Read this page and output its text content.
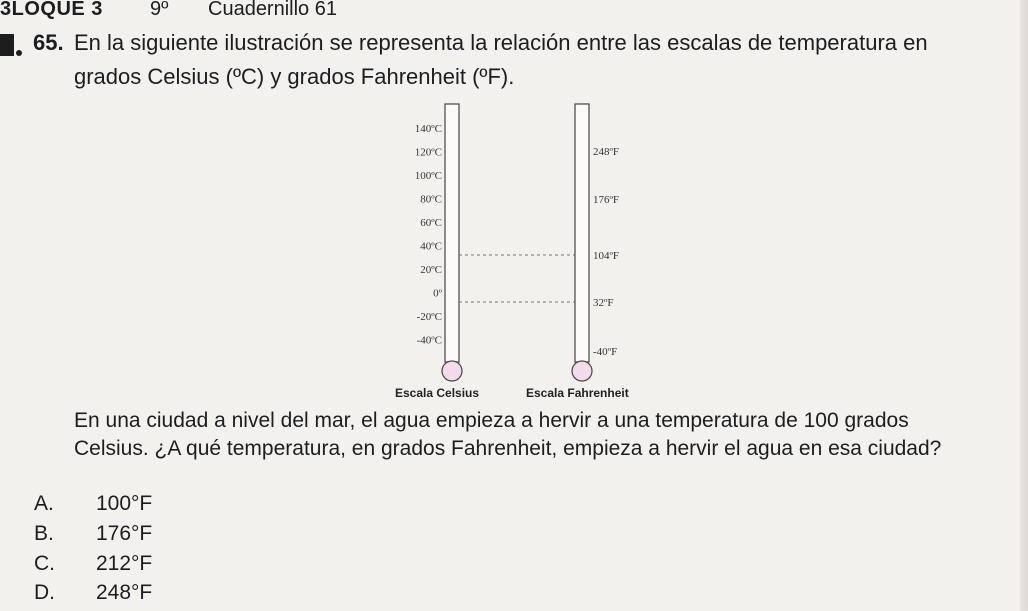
3LOQUE 3 9º Cuadernillo 61
65. En la siguiente ilustración se representa la relación entre las escalas de temperatura en
grados Celsius (ºC) y grados Fahrenheit (ºF).
140ºC
120ºC
100ºC
80ºC
60ºC
40ºC
20ºC
0º
-20ºC
-40ºC
248ºF
176ºF
104ºF
32ºF
-40ºF
Escala Celsius	Escala Fahrenheit
En una ciudad a nivel del mar, el agua empieza a hervir a una temperatura de 100 grados
Celsius. ¿A qué temperatura, en grados Fahrenheit, empieza a hervir el agua en esa ciudad?
A. 100°F
B. 176°F
C. 212°F
D. 248°F
